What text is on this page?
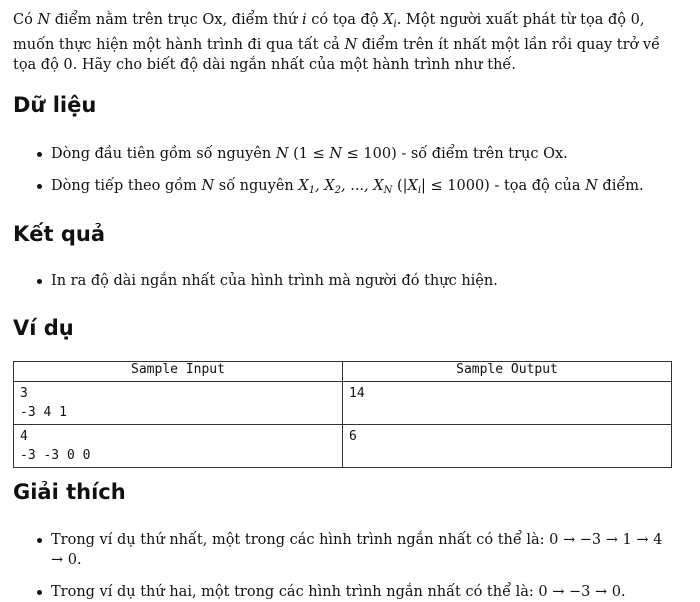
Có N điểm nằm trên trục Ox, điểm thứ i có tọa độ $X_i$. Một người xuất phát từ tọa độ 0, muốn thực hiện một hành trình đi qua tất cả N điểm trên ít nhất một lần rồi quay trở về tọa độ 0. Hãy cho biết độ dài ngắn nhất của một hành trình như thế.

Dữ liệu
Dòng đầu tiên gồm số nguyên N (1 ≤ N ≤ 100) - số điểm trên trục Ox.
Dòng tiếp theo gồm N số nguyên $X_1$, $X_2$, ..., $X_N$ $(|X_i| \le 1000)$ - tọa độ của N điểm.
Kết quả
In ra độ dài ngắn nhất của hình trình mà người đó thực hiện.
Ví dụ
Sample Input	Sample Output
3
-3 4 1	14
4
-3 -3 0 0	6
Giải thích
Trong ví dụ thứ nhất, một trong các hình trình ngắn nhất có thể là: 0 → −3 → 1 → 4 → 0.
Trong ví dụ thứ hai, một trong các hình trình ngắn nhất có thể là: 0 → −3 → 0.
